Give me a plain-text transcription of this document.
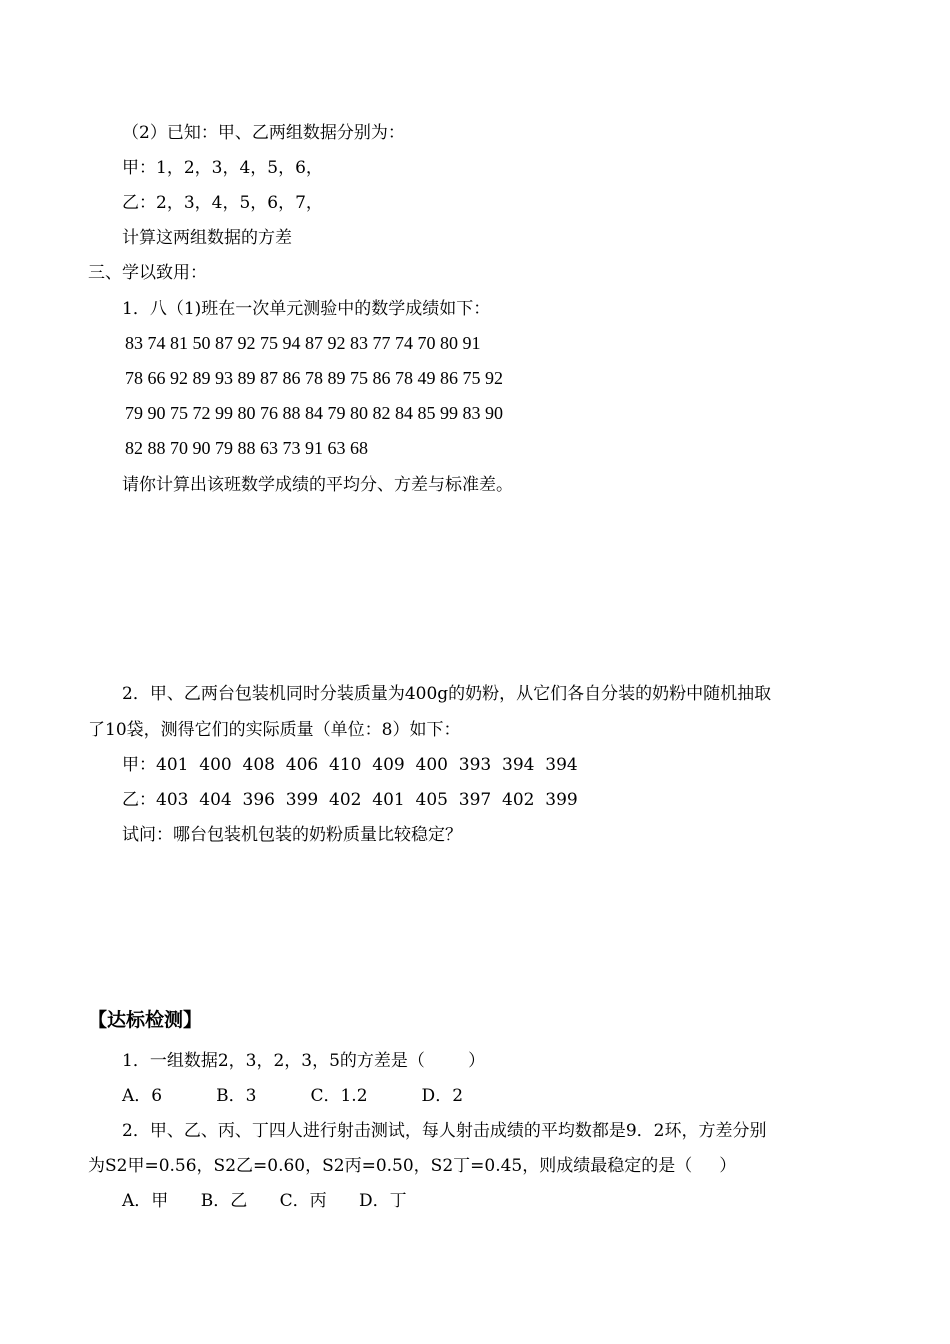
（2）已知：甲、乙两组数据分别为：
甲：1，2，3，4，5，6，
乙：2，3，4，5，6，7，
计算这两组数据的方差
三、学以致用：
1．八（1)班在一次单元测验中的数学成绩如下：
83 74 81 50 87 92 75 94 87 92 83 77 74 70 80 91
78 66 92 89 93 89 87 86 78 89 75 86 78 49 86 75 92
79 90 75 72 99 80 76 88 84 79 80 82 84 85 99 83 90
82 88 70 90 79 88 63 73 91 63 68
请你计算出该班数学成绩的平均分、方差与标准差。
2．甲、乙两台包装机同时分装质量为400g的奶粉，从它们各自分装的奶粉中随机抽取
了10袋，测得它们的实际质量（单位：8）如下：
甲：401  400  408  406  410  409  400  393  394  394
乙：403  404  396  399  402  401  405  397  402  399
试问：哪台包装机包装的奶粉质量比较稳定？
【达标检测】
1．一组数据2，3，2，3，5的方差是（        ）
A．6          B．3          C．1.2          D．2
2．甲、乙、丙、丁四人进行射击测试，每人射击成绩的平均数都是9．2环，方差分别
为S2甲=0.56，S2乙=0.60，S2丙=0.50，S2丁=0.45，则成绩最稳定的是（     ）
A．甲      B．乙      C．丙      D．丁
